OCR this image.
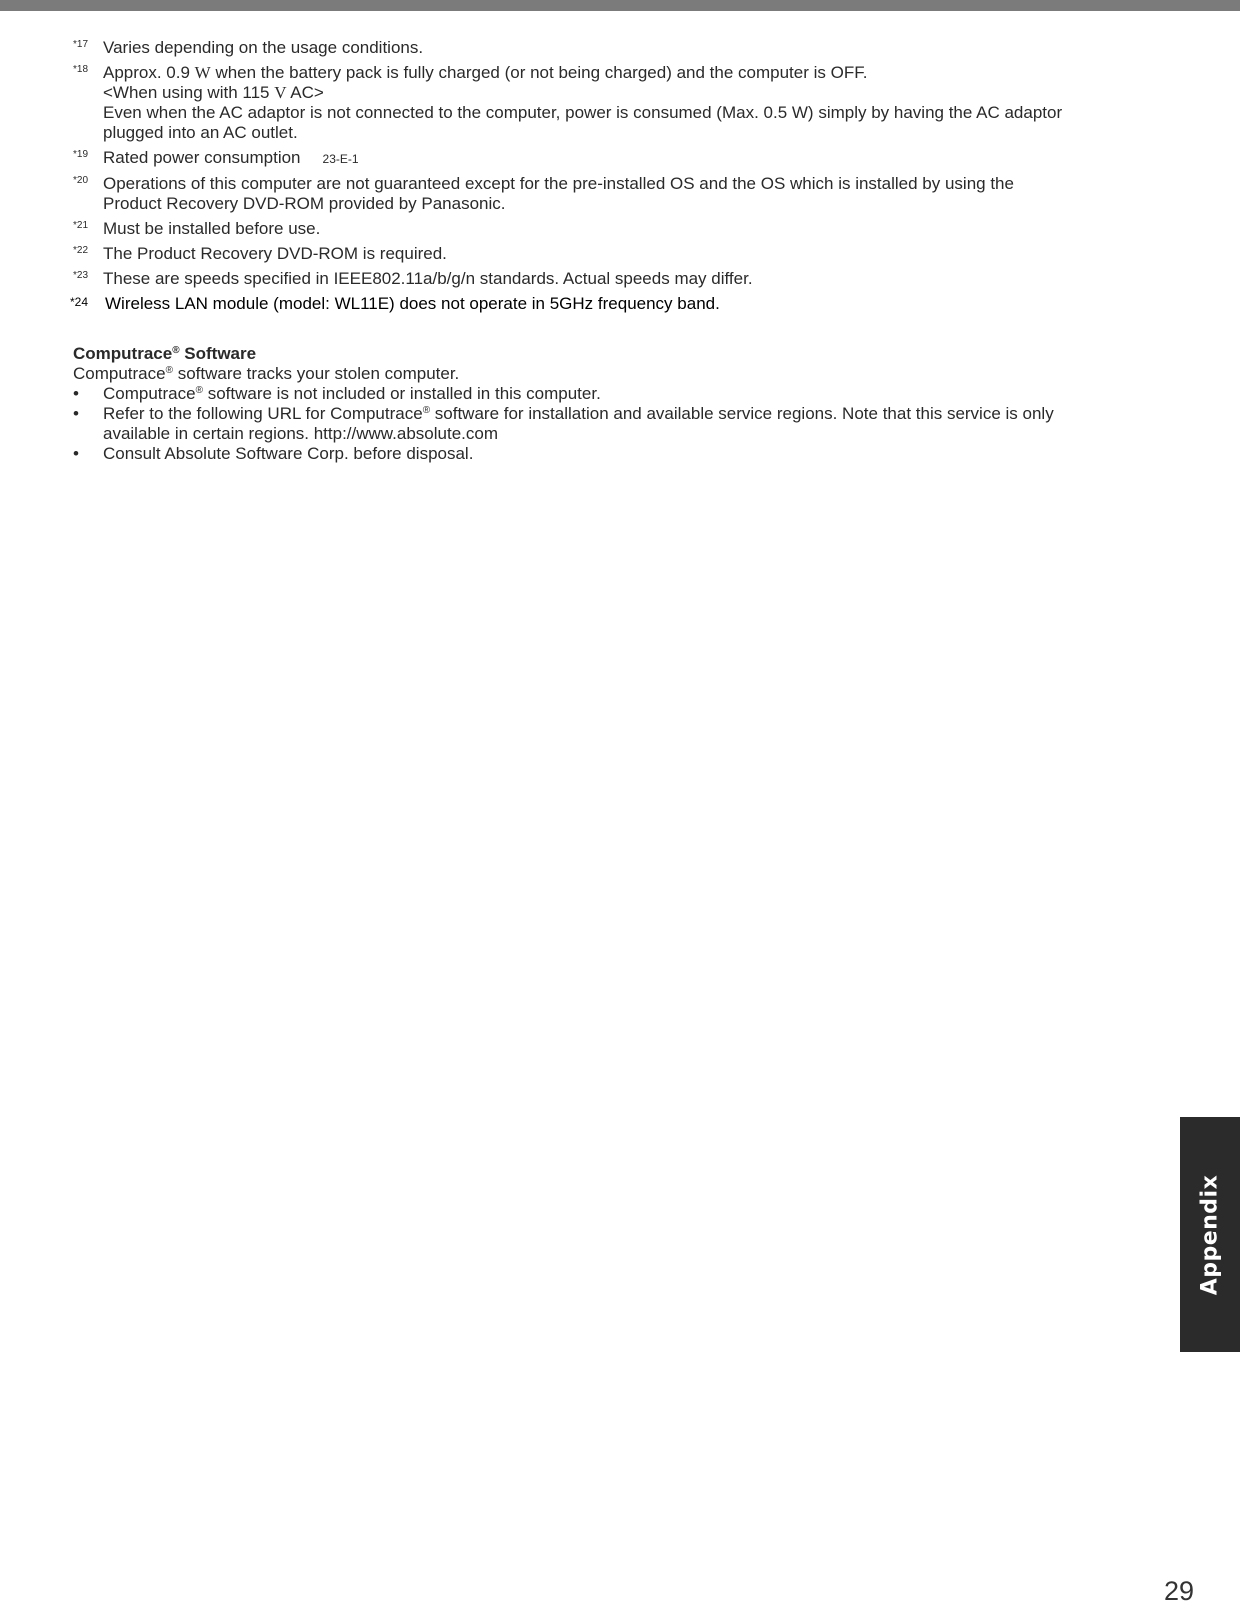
*17 Varies depending on the usage conditions.
*18 Approx. 0.9 W when the battery pack is fully charged (or not being charged) and the computer is OFF.
<When using with 115 V AC>
Even when the AC adaptor is not connected to the computer, power is consumed (Max. 0.5 W) simply by having the AC adaptor
plugged into an AC outlet.
*19 Rated power consumption 23-E-1
*20 Operations of this computer are not guaranteed except for the pre-installed OS and the OS which is installed by using the
Product Recovery DVD-ROM provided by Panasonic.
*21 Must be installed before use.
*22 The Product Recovery DVD-ROM is required.
*23 These are speeds specified in IEEE802.11a/b/g/n standards. Actual speeds may differ.
*24 Wireless LAN module (model: WL11E) does not operate in 5GHz frequency band.
Computrace® Software
Computrace® software tracks your stolen computer.
• Computrace® software is not included or installed in this computer.
• Refer to the following URL for Computrace® software for installation and available service regions. Note that this service is only
available in certain regions. http://www.absolute.com
• Consult Absolute Software Corp. before disposal.
Appendix
29
